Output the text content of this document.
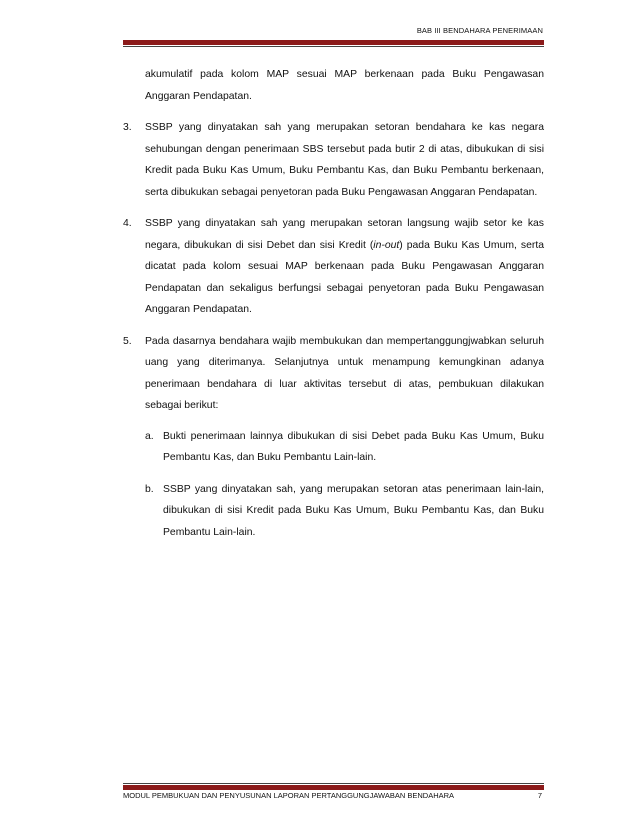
BAB III BENDAHARA PENERIMAAN

akumulatif pada kolom MAP sesuai MAP berkenaan pada Buku Pengawasan Anggaran Pendapatan.

3.	SSBP yang dinyatakan sah yang merupakan setoran bendahara ke kas negara sehubungan dengan penerimaan SBS tersebut pada butir 2 di atas, dibukukan di sisi Kredit pada Buku Kas Umum, Buku Pembantu Kas, dan Buku Pembantu berkenaan, serta dibukukan sebagai penyetoran pada Buku Pengawasan Anggaran Pendapatan.
4.	SSBP yang dinyatakan sah yang merupakan setoran langsung wajib setor ke kas negara, dibukukan di sisi Debet dan sisi Kredit (in-out) pada Buku Kas Umum, serta dicatat pada kolom sesuai MAP berkenaan pada Buku Pengawasan Anggaran Pendapatan dan sekaligus berfungsi sebagai penyetoran pada Buku Pengawasan Anggaran Pendapatan.
5.	Pada dasarnya bendahara wajib membukukan dan mempertanggungjwabkan seluruh uang yang diterimanya. Selanjutnya untuk menampung kemungkinan adanya penerimaan bendahara di luar aktivitas tersebut di atas, pembukuan dilakukan sebagai berikut:
a. Bukti penerimaan lainnya dibukukan di sisi Debet pada Buku Kas Umum, Buku Pembantu Kas, dan Buku Pembantu Lain-lain.
b. SSBP yang dinyatakan sah, yang merupakan setoran atas penerimaan lain-lain, dibukukan di sisi Kredit pada Buku Kas Umum, Buku Pembantu Kas, dan Buku Pembantu Lain-lain.
MODUL PEMBUKUAN DAN PENYUSUNAN LAPORAN PERTANGGUNGJAWABAN BENDAHARA	7
